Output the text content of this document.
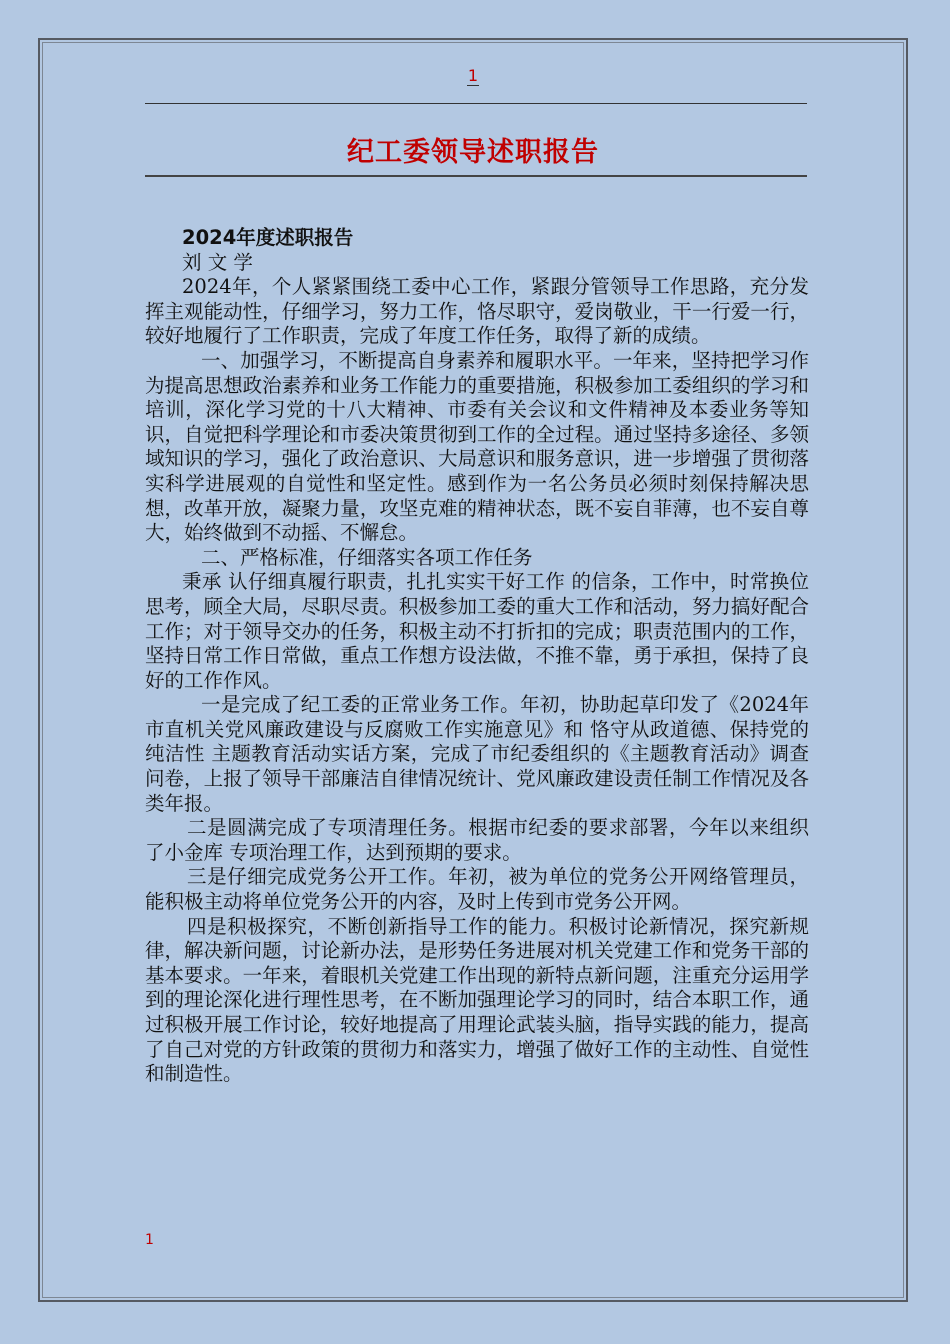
1
纪工委领导述职报告

2024年度述职报告

刘 文 学

2024年，个人紧紧围绕工委中心工作，紧跟分管领导工作思路，充分发挥主观能动性，仔细学习，努力工作，恪尽职守，爱岗敬业，干一行爱一行，较好地履行了工作职责，完成了年度工作任务，取得了新的成绩。

一、加强学习，不断提高自身素养和履职水平。一年来，坚持把学习作为提高思想政治素养和业务工作能力的重要措施，积极参加工委组织的学习和培训，深化学习党的十八大精神、市委有关会议和文件精神及本委业务等知识，自觉把科学理论和市委决策贯彻到工作的全过程。通过坚持多途径、多领域知识的学习，强化了政治意识、大局意识和服务意识，进一步增强了贯彻落实科学进展观的自觉性和坚定性。感到作为一名公务员必须时刻保持解决思想，改革开放，凝聚力量，攻坚克难的精神状态，既不妄自菲薄，也不妄自尊大，始终做到不动摇、不懈怠。

二、严格标准，仔细落实各项工作任务

秉承 认仔细真履行职责，扎扎实实干好工作 的信条，工作中，时常换位思考，顾全大局，尽职尽责。积极参加工委的重大工作和活动，努力搞好配合工作；对于领导交办的任务，积极主动不打折扣的完成；职责范围内的工作，坚持日常工作日常做，重点工作想方设法做，不推不靠，勇于承担，保持了良好的工作作风。

一是完成了纪工委的正常业务工作。年初，协助起草印发了《2024年市直机关党风廉政建设与反腐败工作实施意见》和 恪守从政道德、保持党的纯洁性 主题教育活动实话方案，完成了市纪委组织的《主题教育活动》调查问卷，上报了领导干部廉洁自律情况统计、党风廉政建设责任制工作情况及各类年报。

二是圆满完成了专项清理任务。根据市纪委的要求部署，今年以来组织了小金库 专项治理工作，达到预期的要求。

三是仔细完成党务公开工作。年初，被为单位的党务公开网络管理员，能积极主动将单位党务公开的内容，及时上传到市党务公开网。

四是积极探究，不断创新指导工作的能力。积极讨论新情况，探究新规律，解决新问题，讨论新办法，是形势任务进展对机关党建工作和党务干部的基本要求。一年来，着眼机关党建工作出现的新特点新问题，注重充分运用学到的理论深化进行理性思考，在不断加强理论学习的同时，结合本职工作，通过积极开展工作讨论，较好地提高了用理论武装头脑，指导实践的能力，提高了自己对党的方针政策的贯彻力和落实力，增强了做好工作的主动性、自觉性和制造性。

1
